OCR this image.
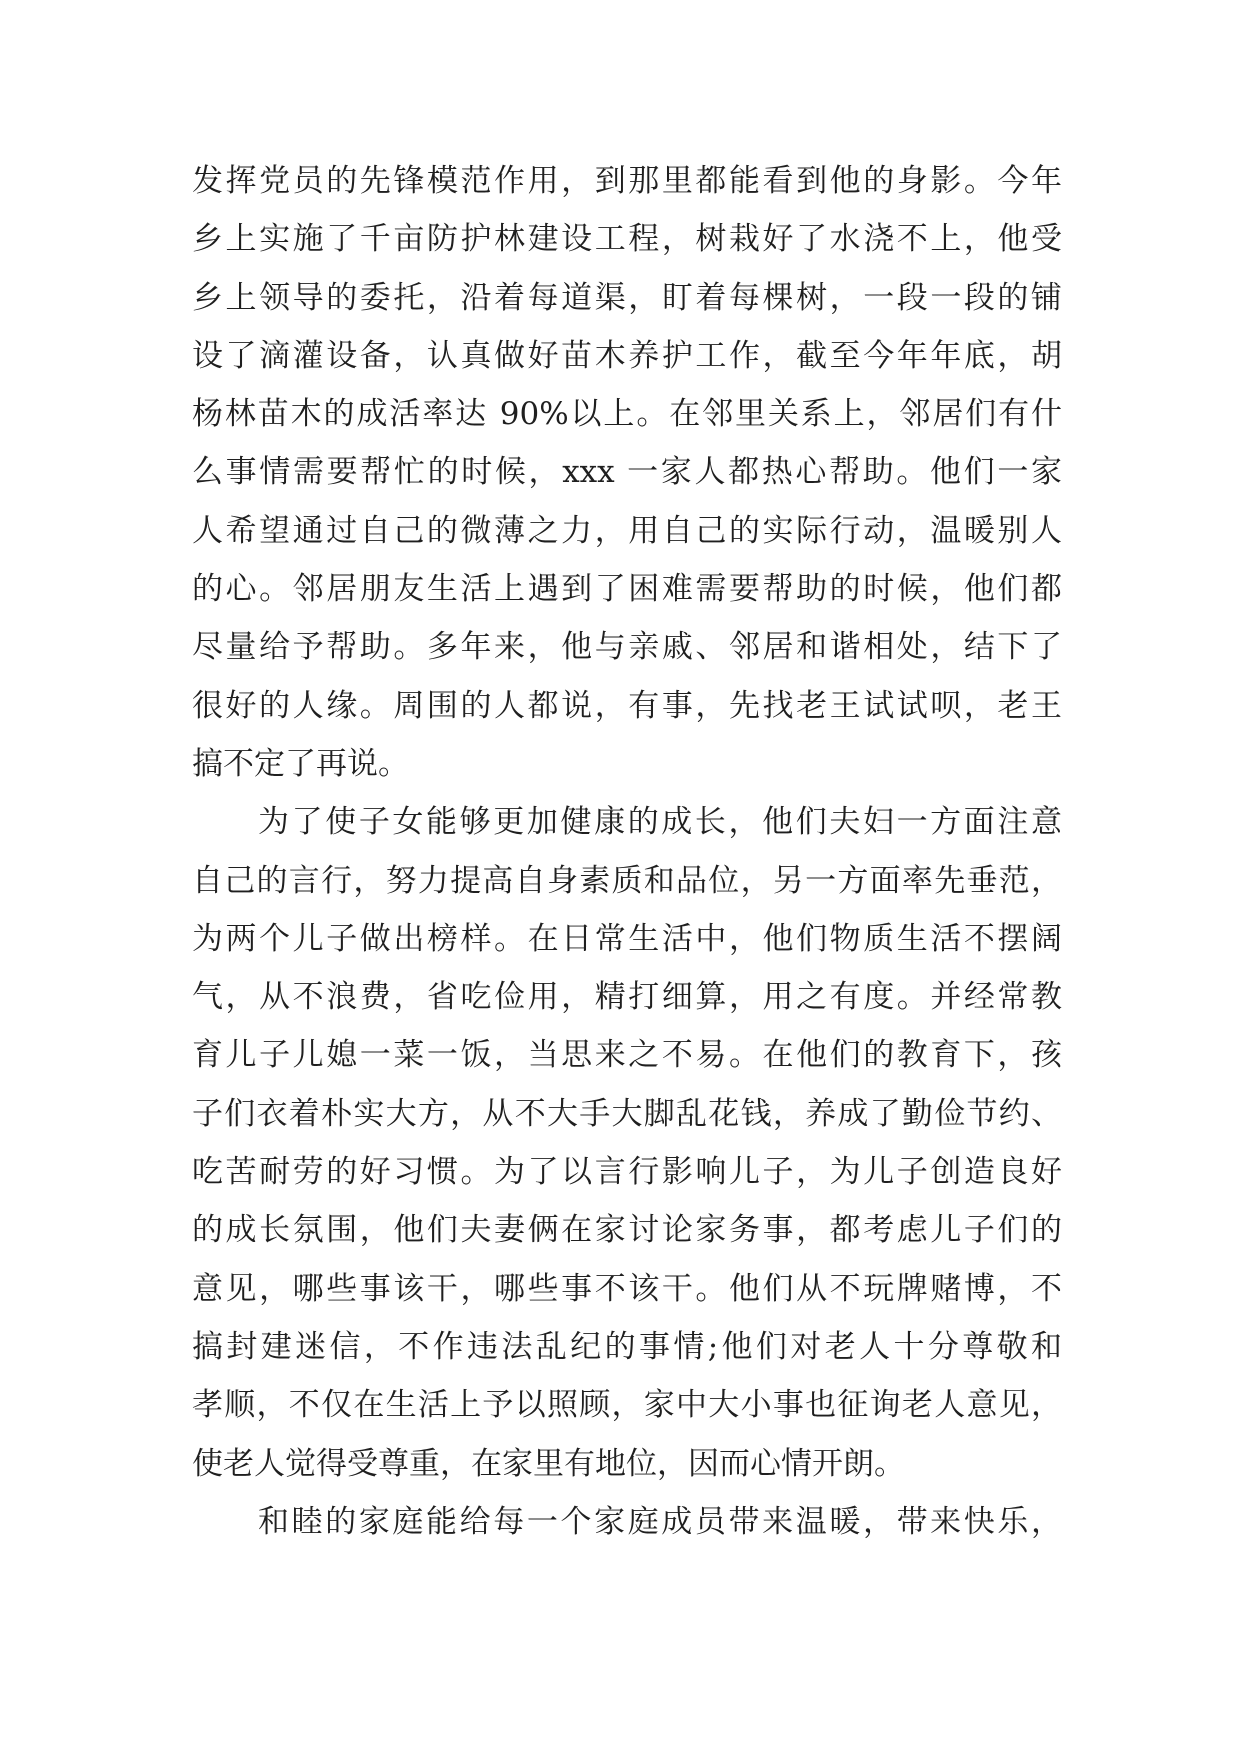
发挥党员的先锋模范作用，到那里都能看到他的身影。今年
乡上实施了千亩防护林建设工程，树栽好了水浇不上，他受
乡上领导的委托，沿着每道渠，盯着每棵树，一段一段的铺
设了滴灌设备，认真做好苗木养护工作，截至今年年底，胡
杨林苗木的成活率达 90%以上。在邻里关系上，邻居们有什
么事情需要帮忙的时候，xxx 一家人都热心帮助。他们一家
人希望通过自己的微薄之力，用自己的实际行动，温暖别人
的心。邻居朋友生活上遇到了困难需要帮助的时候，他们都
尽量给予帮助。多年来，他与亲戚、邻居和谐相处，结下了
很好的人缘。周围的人都说，有事，先找老王试试呗，老王
搞不定了再说。
为了使子女能够更加健康的成长，他们夫妇一方面注意
自己的言行，努力提高自身素质和品位，另一方面率先垂范，
为两个儿子做出榜样。在日常生活中，他们物质生活不摆阔
气，从不浪费，省吃俭用，精打细算，用之有度。并经常教
育儿子儿媳一菜一饭，当思来之不易。在他们的教育下，孩
子们衣着朴实大方，从不大手大脚乱花钱，养成了勤俭节约、
吃苦耐劳的好习惯。为了以言行影响儿子，为儿子创造良好
的成长氛围，他们夫妻俩在家讨论家务事，都考虑儿子们的
意见，哪些事该干，哪些事不该干。他们从不玩牌赌博，不
搞封建迷信，不作违法乱纪的事情;他们对老人十分尊敬和
孝顺，不仅在生活上予以照顾，家中大小事也征询老人意见，
使老人觉得受尊重，在家里有地位，因而心情开朗。
和睦的家庭能给每一个家庭成员带来温暖，带来快乐，
